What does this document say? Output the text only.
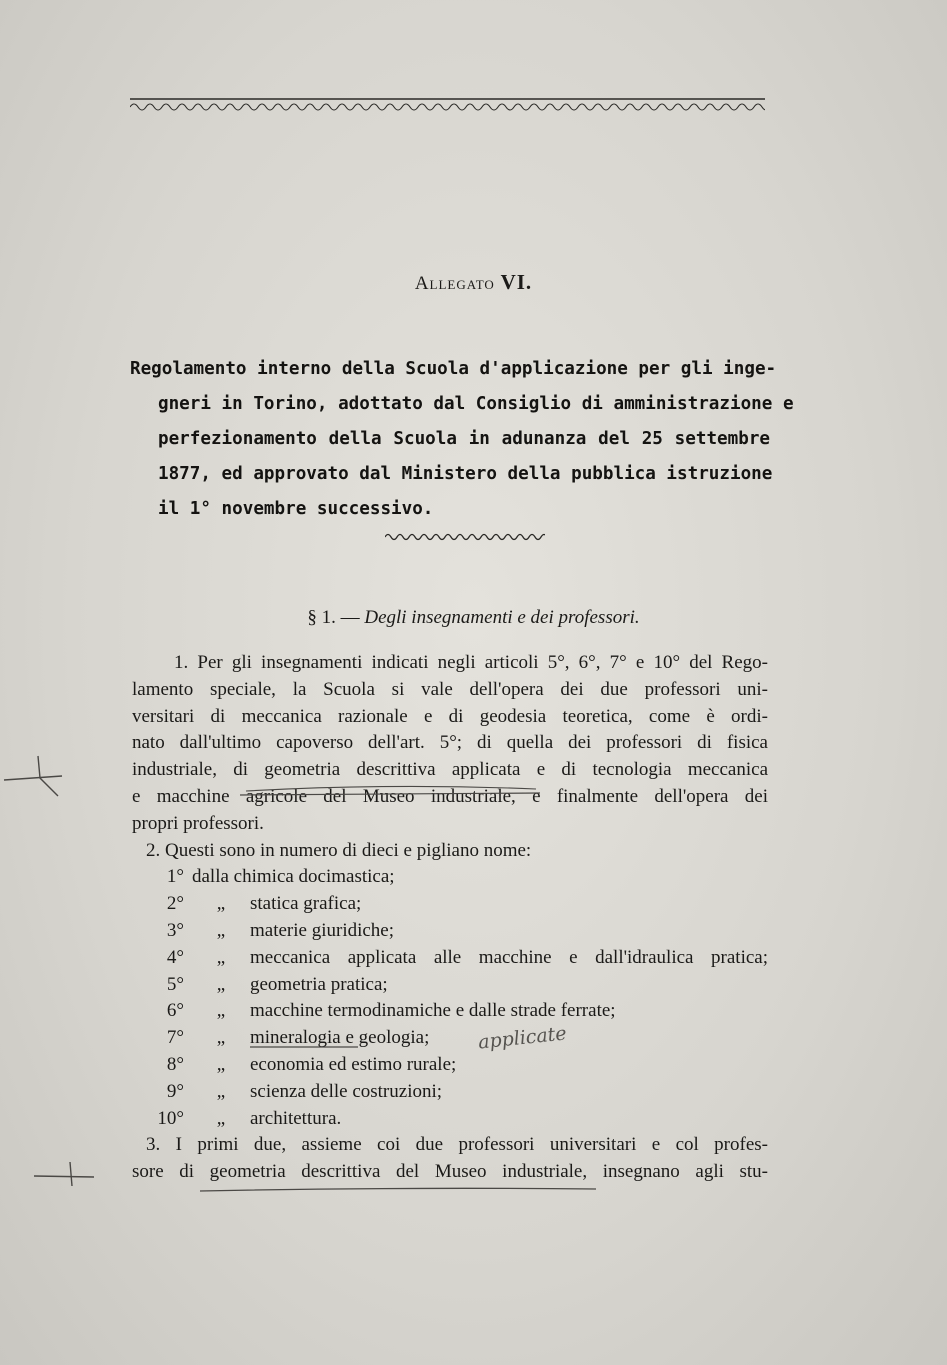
Allegato VI.
Regolamento interno della Scuola d'applicazione per gli inge-
gneri in Torino, adottato dal Consiglio di amministrazione e
perfezionamento della Scuola in adunanza del 25 settembre
1877, ed approvato dal Ministero della pubblica istruzione
il 1° novembre successivo.
§ 1. — Degli insegnamenti e dei professori.
1. Per gli insegnamenti indicati negli articoli 5°, 6°, 7° e 10° del Rego-
lamento speciale, la Scuola si vale dell'opera dei due professori uni-
versitari di meccanica razionale e di geodesia teoretica, come è ordi-
nato dall'ultimo capoverso dell'art. 5°; di quella dei professori di fisica
industriale, di geometria descrittiva applicata e di tecnologia meccanica
e macchine agricole del Museo industriale, e finalmente dell'opera dei
propri professori.
2. Questi sono in numero di dieci e pigliano nome:
1° dalla chimica docimastica;
2°	„	statica grafica;
3°	„	materie giuridiche;
4°	„	meccanica applicata alle macchine e dall'idraulica pratica;
5°	„	geometria pratica;
6°	„	macchine termodinamiche e dalle strade ferrate;
7°	„	mineralogia e geologia;
8°	„	economia ed estimo rurale;
9°	„	scienza delle costruzioni;
10°	„	architettura.
3. I primi due, assieme coi due professori universitari e col profes-
sore di geometria descrittiva del Museo industriale, insegnano agli stu-
applicate
